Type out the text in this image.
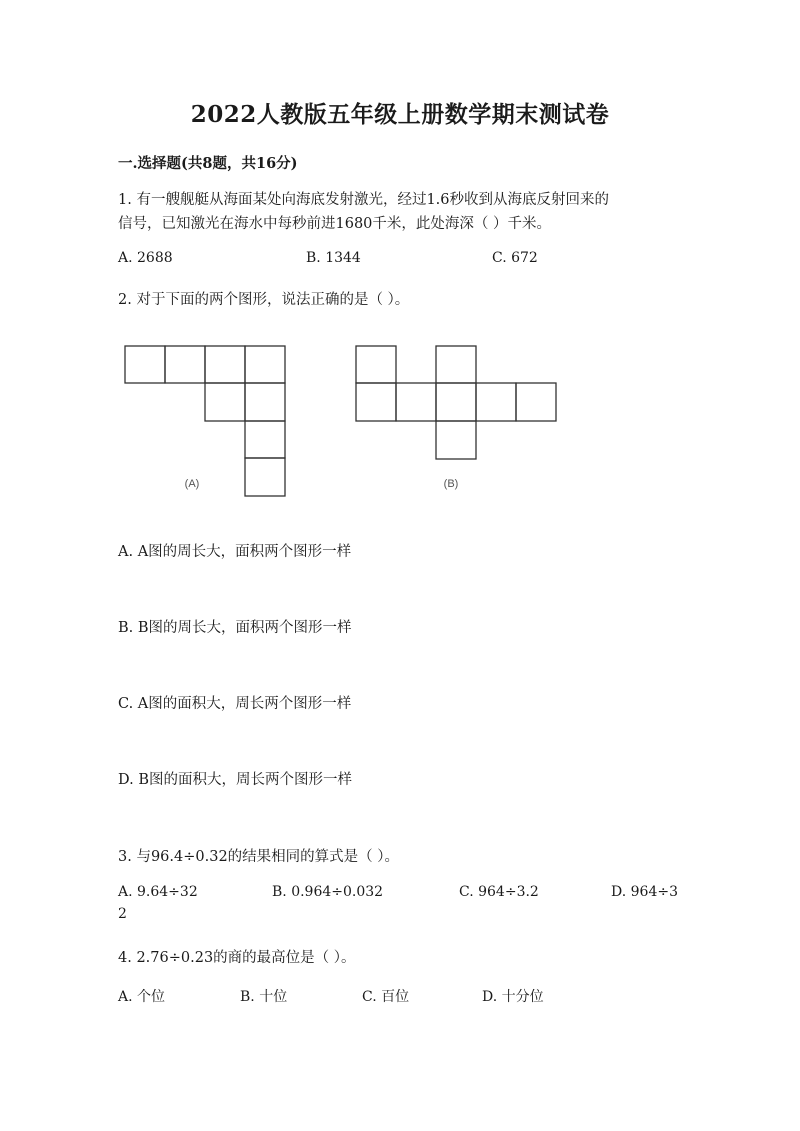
2022人教版五年级上册数学期末测试卷
一.选择题(共8题，共16分)
1. 有一艘舰艇从海面某处向海底发射激光，经过1.6秒收到从海底反射回来的
信号，已知激光在海水中每秒前进1680千米，此处海深（ ）千米。
A. 2688	B. 1344	C. 672
2. 对于下面的两个图形，说法正确的是（ ）。
(A)	(B)
A. A图的周长大，面积两个图形一样
B. B图的周长大，面积两个图形一样
C. A图的面积大，周长两个图形一样
D. B图的面积大，周长两个图形一样
3. 与96.4÷0.32的结果相同的算式是（ ）。
A. 9.64÷32	B. 0.964÷0.032	C. 964÷3.2	D. 964÷3
2
4. 2.76÷0.23的商的最高位是（ ）。
A. 个位	B. 十位	C. 百位	D. 十分位
